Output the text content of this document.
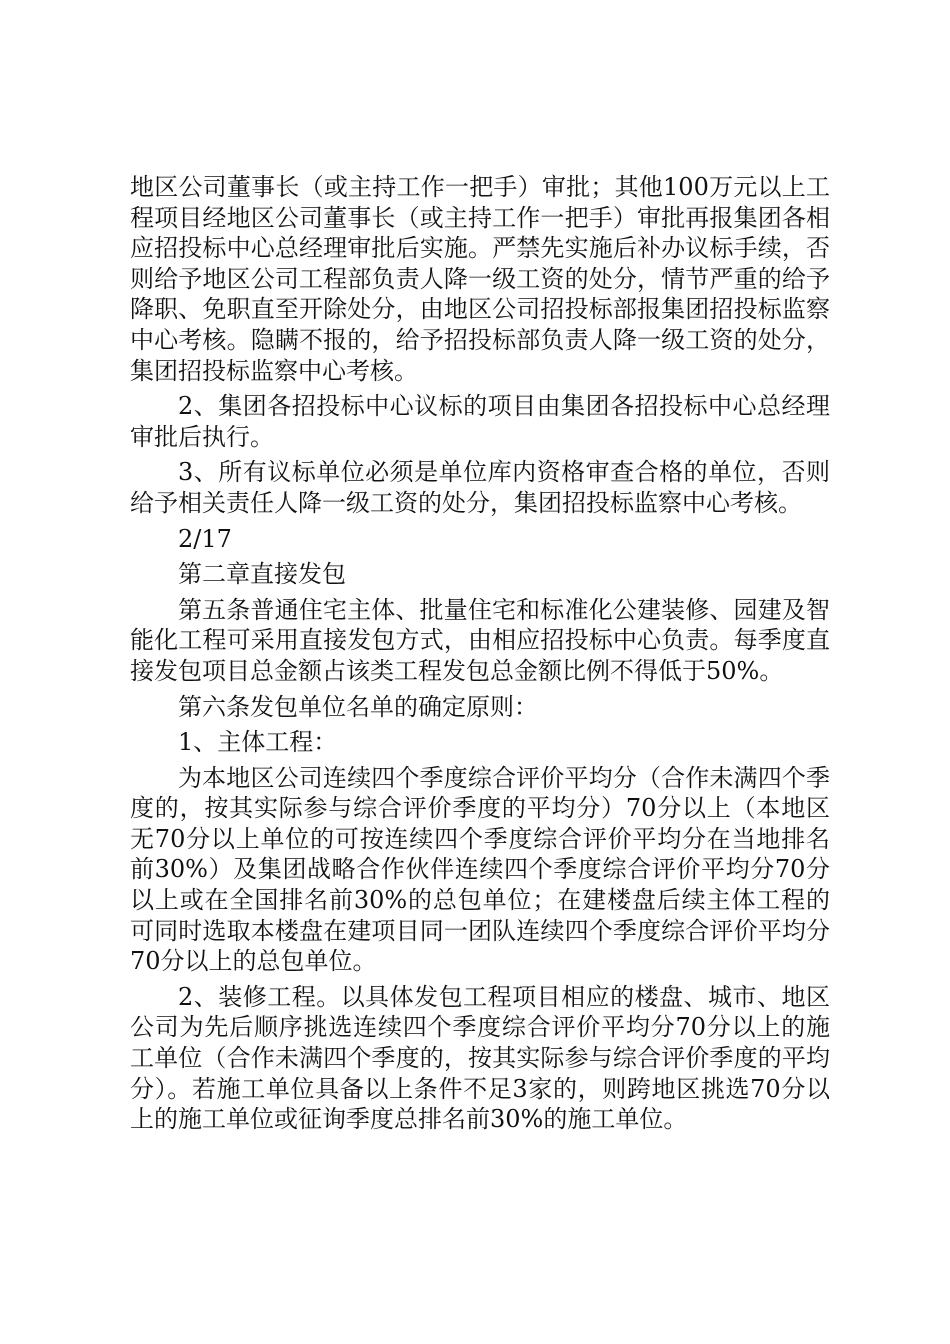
地区公司董事长（或主持工作一把手）审批；其他100万元以上工程项目经地区公司董事长（或主持工作一把手）审批再报集团各相应招投标中心总经理审批后实施。严禁先实施后补办议标手续，否则给予地区公司工程部负责人降一级工资的处分，情节严重的给予降职、免职直至开除处分，由地区公司招投标部报集团招投标监察中心考核。隐瞒不报的，给予招投标部负责人降一级工资的处分，集团招投标监察中心考核。

2、集团各招投标中心议标的项目由集团各招投标中心总经理审批后执行。

3、所有议标单位必须是单位库内资格审查合格的单位，否则给予相关责任人降一级工资的处分，集团招投标监察中心考核。

2/17

第二章直接发包

第五条普通住宅主体、批量住宅和标准化公建装修、园建及智能化工程可采用直接发包方式，由相应招投标中心负责。每季度直接发包项目总金额占该类工程发包总金额比例不得低于50%。

第六条发包单位名单的确定原则：

1、主体工程：

为本地区公司连续四个季度综合评价平均分（合作未满四个季度的，按其实际参与综合评价季度的平均分）70分以上（本地区无70分以上单位的可按连续四个季度综合评价平均分在当地排名前30%）及集团战略合作伙伴连续四个季度综合评价平均分70分以上或在全国排名前30%的总包单位；在建楼盘后续主体工程的可同时选取本楼盘在建项目同一团队连续四个季度综合评价平均分70分以上的总包单位。

2、装修工程。以具体发包工程项目相应的楼盘、城市、地区公司为先后顺序挑选连续四个季度综合评价平均分70分以上的施工单位（合作未满四个季度的，按其实际参与综合评价季度的平均分）。若施工单位具备以上条件不足3家的，则跨地区挑选70分以上的施工单位或征询季度总排名前30%的施工单位。
